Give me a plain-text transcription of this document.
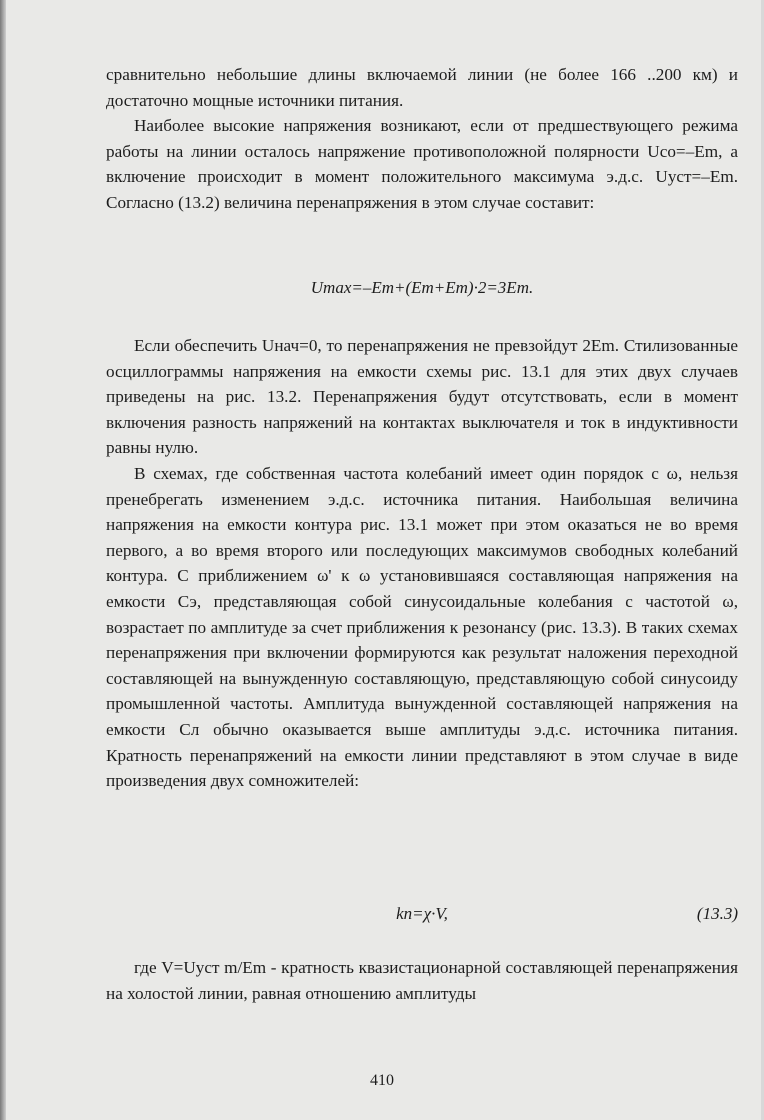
сравнительно небольшие длины включаемой линии (не более 166 ..200 км) и достаточно мощные источники питания.

Наиболее высокие напряжения возникают, если от предшествующего режима работы на линии осталось напряжение противоположной полярности Uco=–Em, а включение происходит в момент положительного максимума э.д.с. Uуст=–Em. Согласно (13.2) величина перенапряжения в этом случае составит:

Umax=–Em+(Em+Em)·2=3Em.

Если обеспечить Uнач=0, то перенапряжения не превзойдут 2Em. Стилизованные осциллограммы напряжения на емкости схемы рис. 13.1 для этих двух случаев приведены на рис. 13.2. Перенапряжения будут отсутствовать, если в момент включения разность напряжений на контактах выключателя и ток в индуктивности равны нулю.

В схемах, где собственная частота колебаний имеет один порядок с ω, нельзя пренебрегать изменением э.д.с. источника питания. Наибольшая величина напряжения на емкости контура рис. 13.1 может при этом оказаться не во время первого, а во время второго или последующих максимумов свободных колебаний контура. С приближением ω' к ω установившаяся составляющая напряжения на емкости Сэ, представляющая собой синусоидальные колебания с частотой ω, возрастает по амплитуде за счет приближения к резонансу (рис. 13.3). В таких схемах перенапряжения при включении формируются как результат наложения переходной составляющей на вынужденную составляющую, представляющую собой синусоиду промышленной частоты. Амплитуда вынужденной составляющей напряжения на емкости Сл обычно оказывается выше амплитуды э.д.с. источника питания. Кратность перенапряжений на емкости линии представляют в этом случае в виде произведения двух сомножителей:

kп=χ·V,	(13.3)

где V=Uуст m/Em - кратность квазистационарной составляющей перенапряжения на холостой линии, равная отношению амплитуды

410
